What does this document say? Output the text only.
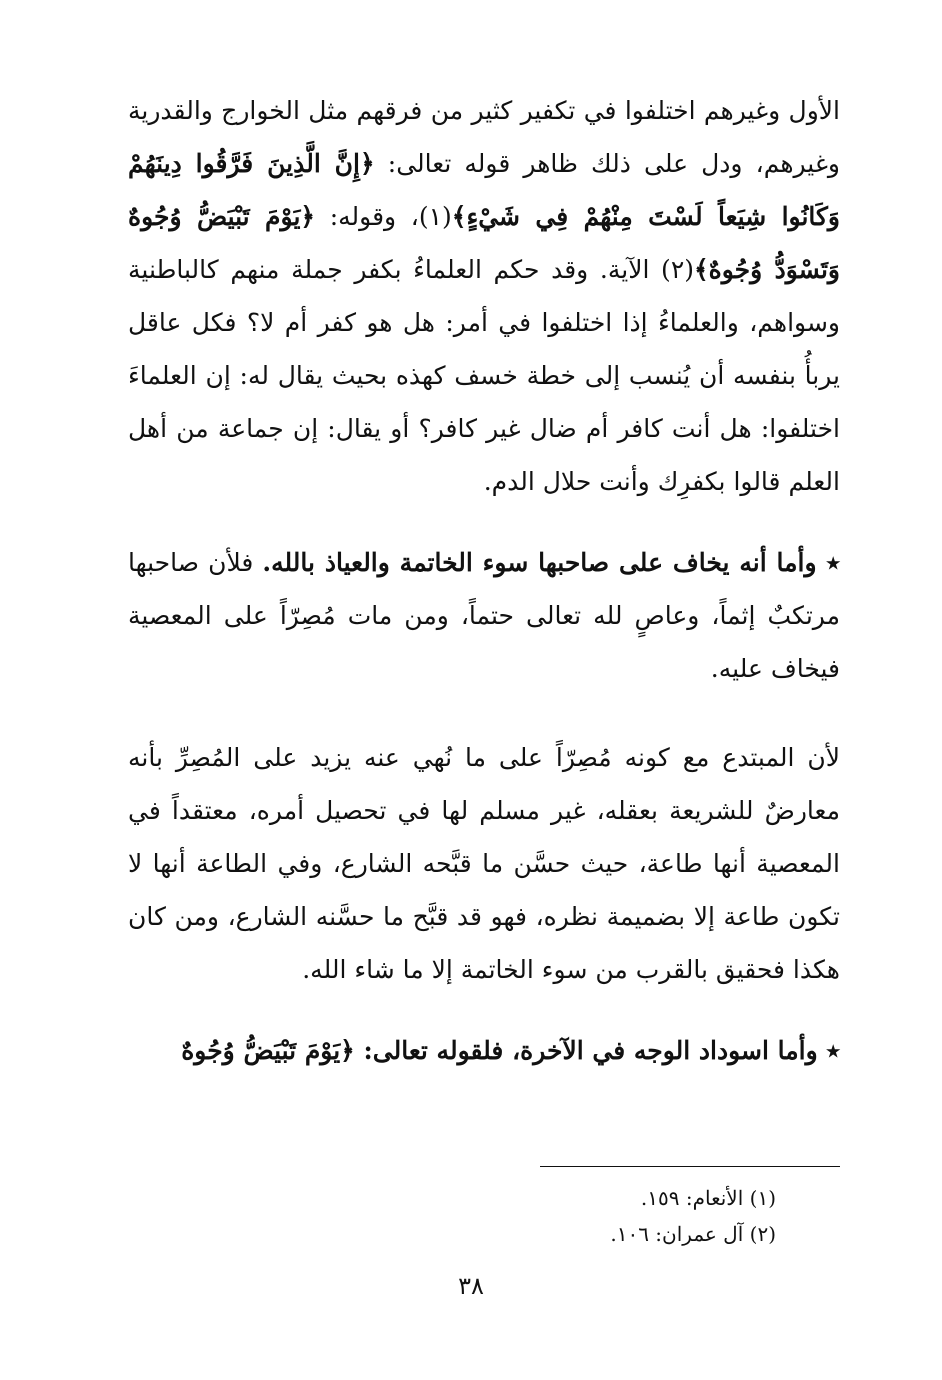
الأول وغيرهم اختلفوا في تكفير كثير من فرقهم مثل الخوارج والقدرية وغيرهم، ودل على ذلك ظاهر قوله تعالى: ﴿إِنَّ الَّذِينَ فَرَّقُوا دِينَهُمْ وَكَانُوا شِيَعاً لَسْتَ مِنْهُمْ فِي شَيْءٍ﴾(١)، وقوله: ﴿يَوْمَ تَبْيَضُّ وُجُوهٌ وَتَسْوَدُّ وُجُوهٌ﴾(٢) الآية. وقد حكم العلماءُ بكفر جملة منهم كالباطنية وسواهم، والعلماءُ إذا اختلفوا في أمر: هل هو كفر أم لا؟ فكل عاقل يربأُ بنفسه أن يُنسب إلى خطة خسف كهذه بحيث يقال له: إن العلماءَ اختلفوا: هل أنت كافر أم ضال غير كافر؟ أو يقال: إن جماعة من أهل العلم قالوا بكفرِك وأنت حلال الدم.

٭ وأما أنه يخاف على صاحبها سوء الخاتمة والعياذ بالله. فلأن صاحبها مرتكبٌ إثماً، وعاصٍ لله تعالى حتماً، ومن مات مُصِرّاً على المعصية فيخاف عليه.

لأن المبتدع مع كونه مُصِرّاً على ما نُهي عنه يزيد على المُصِرِّ بأنه معارضٌ للشريعة بعقله، غير مسلم لها في تحصيل أمره، معتقداً في المعصية أنها طاعة، حيث حسَّن ما قبَّحه الشارع، وفي الطاعة أنها لا تكون طاعة إلا بضميمة نظره، فهو قد قبَّح ما حسَّنه الشارع، ومن كان هكذا فحقيق بالقرب من سوء الخاتمة إلا ما شاء الله.

٭ وأما اسوداد الوجه في الآخرة، فلقوله تعالى: ﴿يَوْمَ تَبْيَضُّ وُجُوهٌ

(١) الأنعام: ١٥٩.
(٢) آل عمران: ١٠٦.
٣٨
